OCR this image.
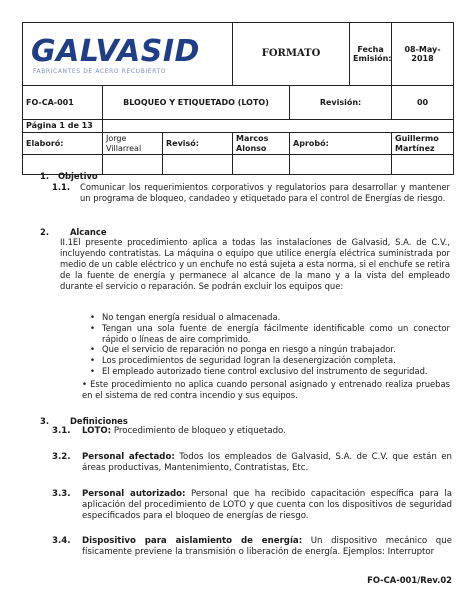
GALVASID
FABRICANTES DE ACERO RECUBIERTO			FORMATO		Fecha Emisión:	08-May-2018
FO-CA-001	BLOQUEO Y ETIQUETADO (LOTO)			Revisión:		00
Página 1 de 13						
Elaboró:	Jorge Villarreal	Revisó:	Marcos Alonso	Aprobó:		Guillermo Martínez

1. Objetivo
1.1. Comunicar los requerimientos corporativos y regulatorios para desarrollar y mantener un programa de bloqueo, candadeo y etiquetado para el control de Energías de riesgo.
2. Alcance
II.1El presente procedimiento aplica a todas las instalaciones de Galvasid, S.A. de C.V., incluyendo contratistas. La máquina o equipo que utilice energía eléctrica suministrada por medio de un cable eléctrico y un enchufe no está sujeta a esta norma, si el enchufe se retira de la fuente de energía y permanece al alcance de la mano y a la vista del empleado durante el servicio o reparación. Se podrán excluir los equipos que:
• No tengan energía residual o almacenada.
• Tengan una sola fuente de energía fácilmente identificable como un conector rápido o líneas de aire comprimido.
• Que el servicio de reparación no ponga en riesgo a ningún trabajador.
• Los procedimientos de seguridad logran la desenergización completa.
• El empleado autorizado tiene control exclusivo del instrumento de seguridad.
• Este procedimiento no aplica cuando personal asignado y entrenado realiza pruebas en el sistema de red contra incendio y sus equipos.
3. Definiciones
3.1. LOTO: Procedimiento de bloqueo y etiquetado.
3.2. Personal afectado: Todos los empleados de Galvasid, S.A. de C.V. que están en áreas productivas, Mantenimiento, Contratistas, Etc.
3.3. Personal autorizado: Personal que ha recibido capacitación específica para la aplicación del procedimiento de LOTO y que cuenta con los dispositivos de seguridad especificados para el bloqueo de energías de riesgo.
3.4. Dispositivo para aislamiento de energía: Un dispositivo mecánico que físicamente previene la transmisión o liberación de energía. Ejemplos: Interruptor
FO-CA-001/Rev.02
